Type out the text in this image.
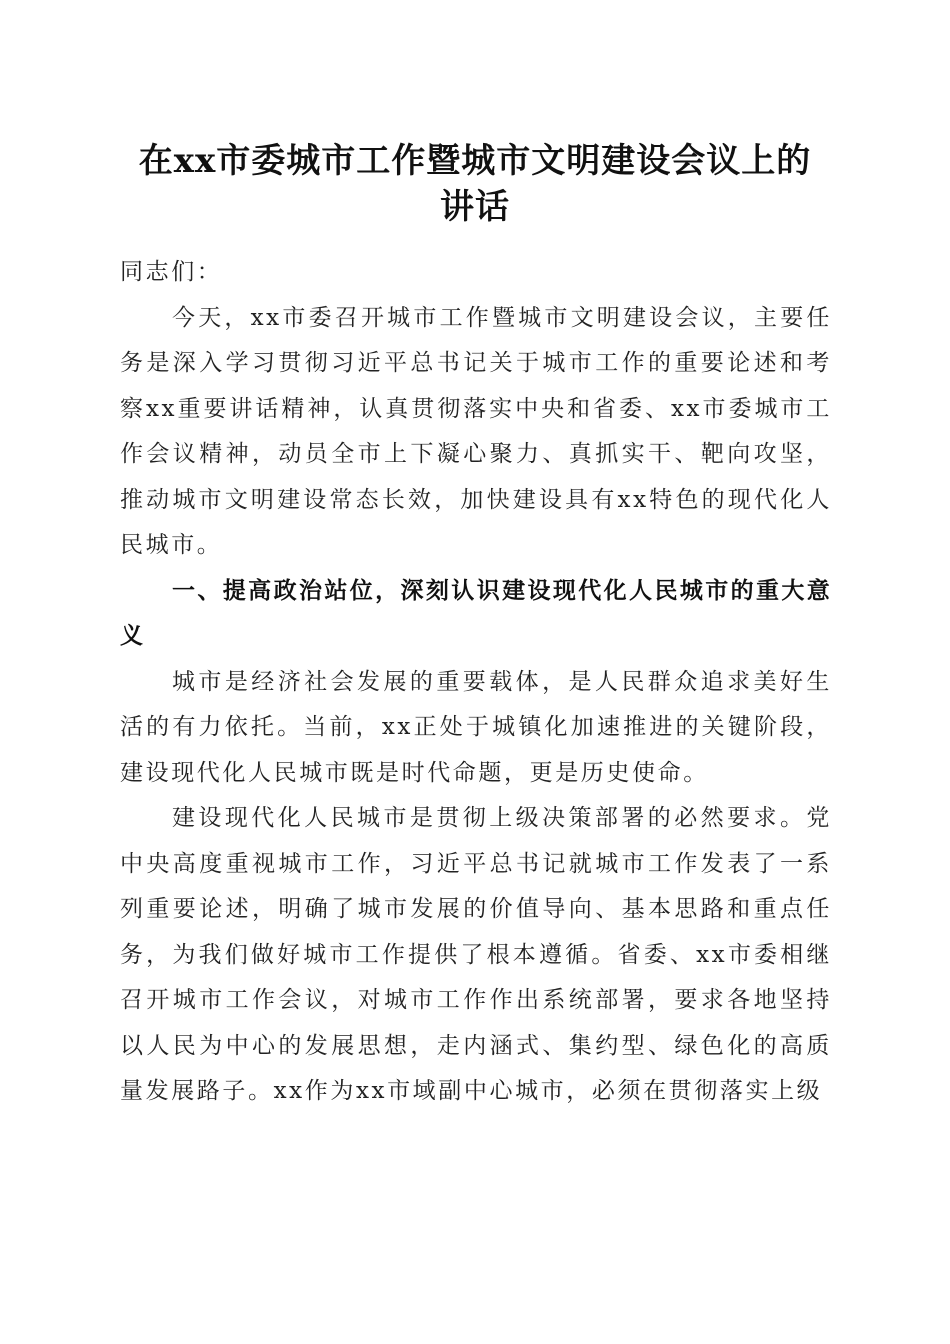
在xx市委城市工作暨城市文明建设会议上的
讲话

同志们：

今天，xx市委召开城市工作暨城市文明建设会议，主要任务是深入学习贯彻习近平总书记关于城市工作的重要论述和考察xx重要讲话精神，认真贯彻落实中央和省委、xx市委城市工作会议精神，动员全市上下凝心聚力、真抓实干、靶向攻坚，推动城市文明建设常态长效，加快建设具有xx特色的现代化人民城市。

一、提高政治站位，深刻认识建设现代化人民城市的重大意义

城市是经济社会发展的重要载体，是人民群众追求美好生活的有力依托。当前，xx正处于城镇化加速推进的关键阶段，建设现代化人民城市既是时代命题，更是历史使命。

建设现代化人民城市是贯彻上级决策部署的必然要求。党中央高度重视城市工作，习近平总书记就城市工作发表了一系列重要论述，明确了城市发展的价值导向、基本思路和重点任务，为我们做好城市工作提供了根本遵循。省委、xx市委相继召开城市工作会议，对城市工作作出系统部署，要求各地坚持以人民为中心的发展思想，走内涵式、集约型、绿色化的高质量发展路子。xx作为xx市域副中心城市，必须在贯彻落实上级
